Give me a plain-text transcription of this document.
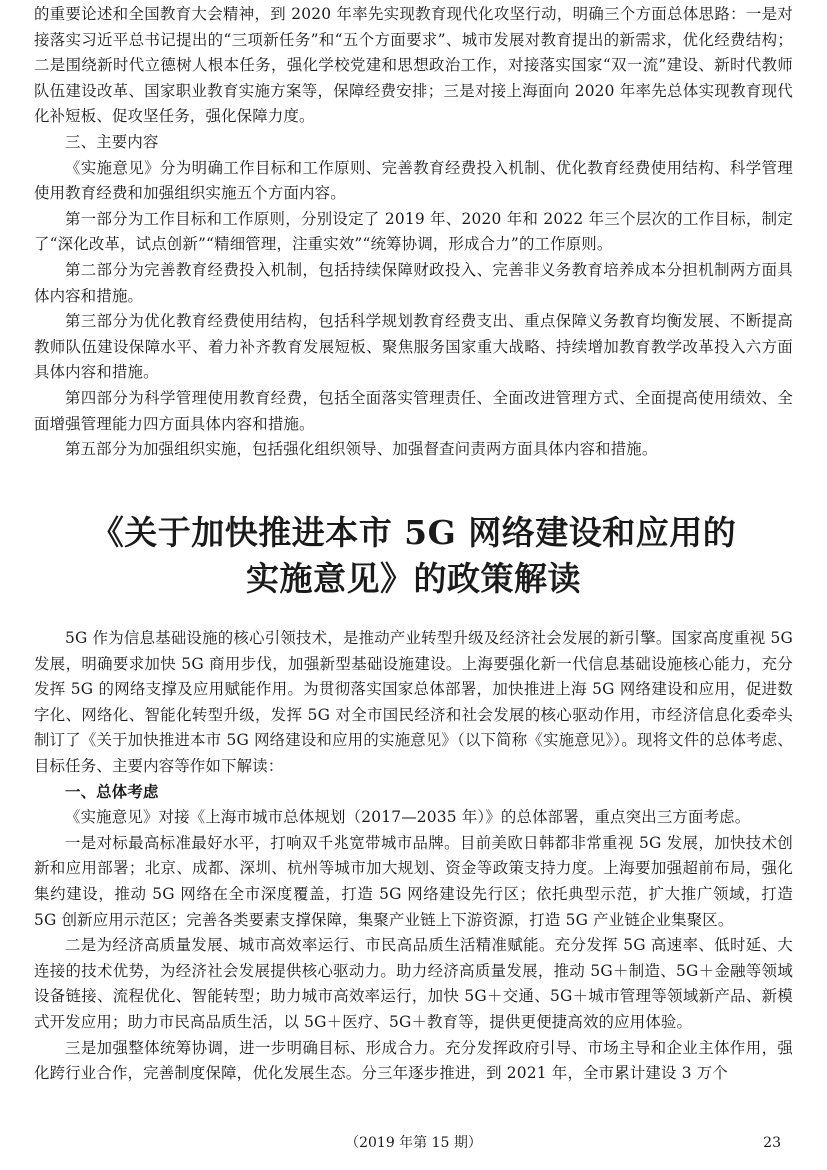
的重要论述和全国教育大会精神，到 2020 年率先实现教育现代化攻坚行动，明确三个方面总体思路：一是对接落实习近平总书记提出的“三项新任务”和“五个方面要求”、城市发展对教育提出的新需求，优化经费结构；二是围绕新时代立德树人根本任务，强化学校党建和思想政治工作，对接落实国家“双一流”建设、新时代教师队伍建设改革、国家职业教育实施方案等，保障经费安排；三是对接上海面向 2020 年率先总体实现教育现代化补短板、促攻坚任务，强化保障力度。

三、主要内容

《实施意见》分为明确工作目标和工作原则、完善教育经费投入机制、优化教育经费使用结构、科学管理使用教育经费和加强组织实施五个方面内容。

第一部分为工作目标和工作原则，分别设定了 2019 年、2020 年和 2022 年三个层次的工作目标，制定了“深化改革，试点创新”“精细管理，注重实效”“统筹协调，形成合力”的工作原则。

第二部分为完善教育经费投入机制，包括持续保障财政投入、完善非义务教育培养成本分担机制两方面具体内容和措施。

第三部分为优化教育经费使用结构，包括科学规划教育经费支出、重点保障义务教育均衡发展、不断提高教师队伍建设保障水平、着力补齐教育发展短板、聚焦服务国家重大战略、持续增加教育教学改革投入六方面具体内容和措施。

第四部分为科学管理使用教育经费，包括全面落实管理责任、全面改进管理方式、全面提高使用绩效、全面增强管理能力四方面具体内容和措施。

第五部分为加强组织实施，包括强化组织领导、加强督查问责两方面具体内容和措施。

《关于加快推进本市 5G 网络建设和应用的

实施意见》的政策解读

5G 作为信息基础设施的核心引领技术，是推动产业转型升级及经济社会发展的新引擎。国家高度重视 5G 发展，明确要求加快 5G 商用步伐，加强新型基础设施建设。上海要强化新一代信息基础设施核心能力，充分发挥 5G 的网络支撑及应用赋能作用。为贯彻落实国家总体部署，加快推进上海 5G 网络建设和应用，促进数字化、网络化、智能化转型升级，发挥 5G 对全市国民经济和社会发展的核心驱动作用，市经济信息化委牵头制订了《关于加快推进本市 5G 网络建设和应用的实施意见》（以下简称《实施意见》）。现将文件的总体考虑、目标任务、主要内容等作如下解读：

一、总体考虑

《实施意见》对接《上海市城市总体规划（2017—2035 年）》的总体部署，重点突出三方面考虑。

一是对标最高标准最好水平，打响双千兆宽带城市品牌。目前美欧日韩都非常重视 5G 发展，加快技术创新和应用部署；北京、成都、深圳、杭州等城市加大规划、资金等政策支持力度。上海要加强超前布局，强化集约建设，推动 5G 网络在全市深度覆盖，打造 5G 网络建设先行区；依托典型示范，扩大推广领域，打造 5G 创新应用示范区；完善各类要素支撑保障，集聚产业链上下游资源，打造 5G 产业链企业集聚区。

二是为经济高质量发展、城市高效率运行、市民高品质生活精准赋能。充分发挥 5G 高速率、低时延、大连接的技术优势，为经济社会发展提供核心驱动力。助力经济高质量发展，推动 5G＋制造、5G＋金融等领域设备链接、流程优化、智能转型；助力城市高效率运行，加快 5G＋交通、5G＋城市管理等领域新产品、新模式开发应用；助力市民高品质生活，以 5G＋医疗、5G＋教育等，提供更便捷高效的应用体验。

三是加强整体统筹协调，进一步明确目标、形成合力。充分发挥政府引导、市场主导和企业主体作用，强化跨行业合作，完善制度保障，优化发展生态。分三年逐步推进，到 2021 年，全市累计建设 3 万个

（2019 年第 15 期）	23
